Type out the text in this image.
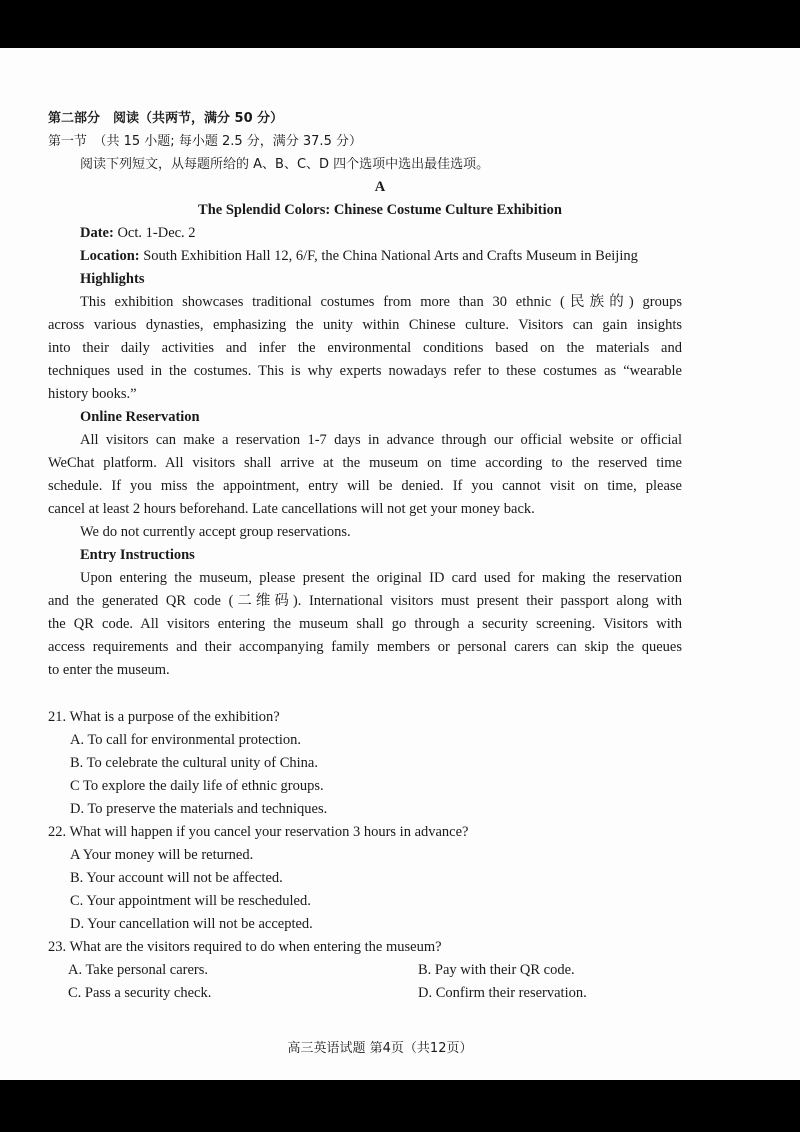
第二部分　阅读（共两节，满分 50 分）
第一节　（共 15 小题; 每小题 2.5 分，满分 37.5 分）
阅读下列短文，从每题所给的 A、B、C、D 四个选项中选出最佳选项。
A
The Splendid Colors: Chinese Costume Culture Exhibition
Date: Oct. 1-Dec. 2
Location: South Exhibition Hall 12, 6/F, the China National Arts and Crafts Museum in Beijing
Highlights
This exhibition showcases traditional costumes from more than 30 ethnic (民族的) groups
across various dynasties, emphasizing the unity within Chinese culture. Visitors can gain insights
into their daily activities and infer the environmental conditions based on the materials and
techniques used in the costumes. This is why experts nowadays refer to these costumes as “wearable
history books.”
Online Reservation
All visitors can make a reservation 1-7 days in advance through our official website or official
WeChat platform. All visitors shall arrive at the museum on time according to the reserved time
schedule. If you miss the appointment, entry will be denied. If you cannot visit on time, please
cancel at least 2 hours beforehand. Late cancellations will not get your money back.
We do not currently accept group reservations.
Entry Instructions
Upon entering the museum, please present the original ID card used for making the reservation
and the generated QR code (二维码). International visitors must present their passport along with
the QR code. All visitors entering the museum shall go through a security screening. Visitors with
access requirements and their accompanying family members or personal carers can skip the queues
to enter the museum.
21. What is a purpose of the exhibition?
A. To call for environmental protection.
B. To celebrate the cultural unity of China.
C To explore the daily life of ethnic groups.
D. To preserve the materials and techniques.
22. What will happen if you cancel your reservation 3 hours in advance?
A Your money will be returned.
B. Your account will not be affected.
C. Your appointment will be rescheduled.
D. Your cancellation will not be accepted.
23. What are the visitors required to do when entering the museum?
A. Take personal carers.	B. Pay with their QR code.
C. Pass a security check.	D. Confirm their reservation.
高三英语试题 第4页（共12页）
